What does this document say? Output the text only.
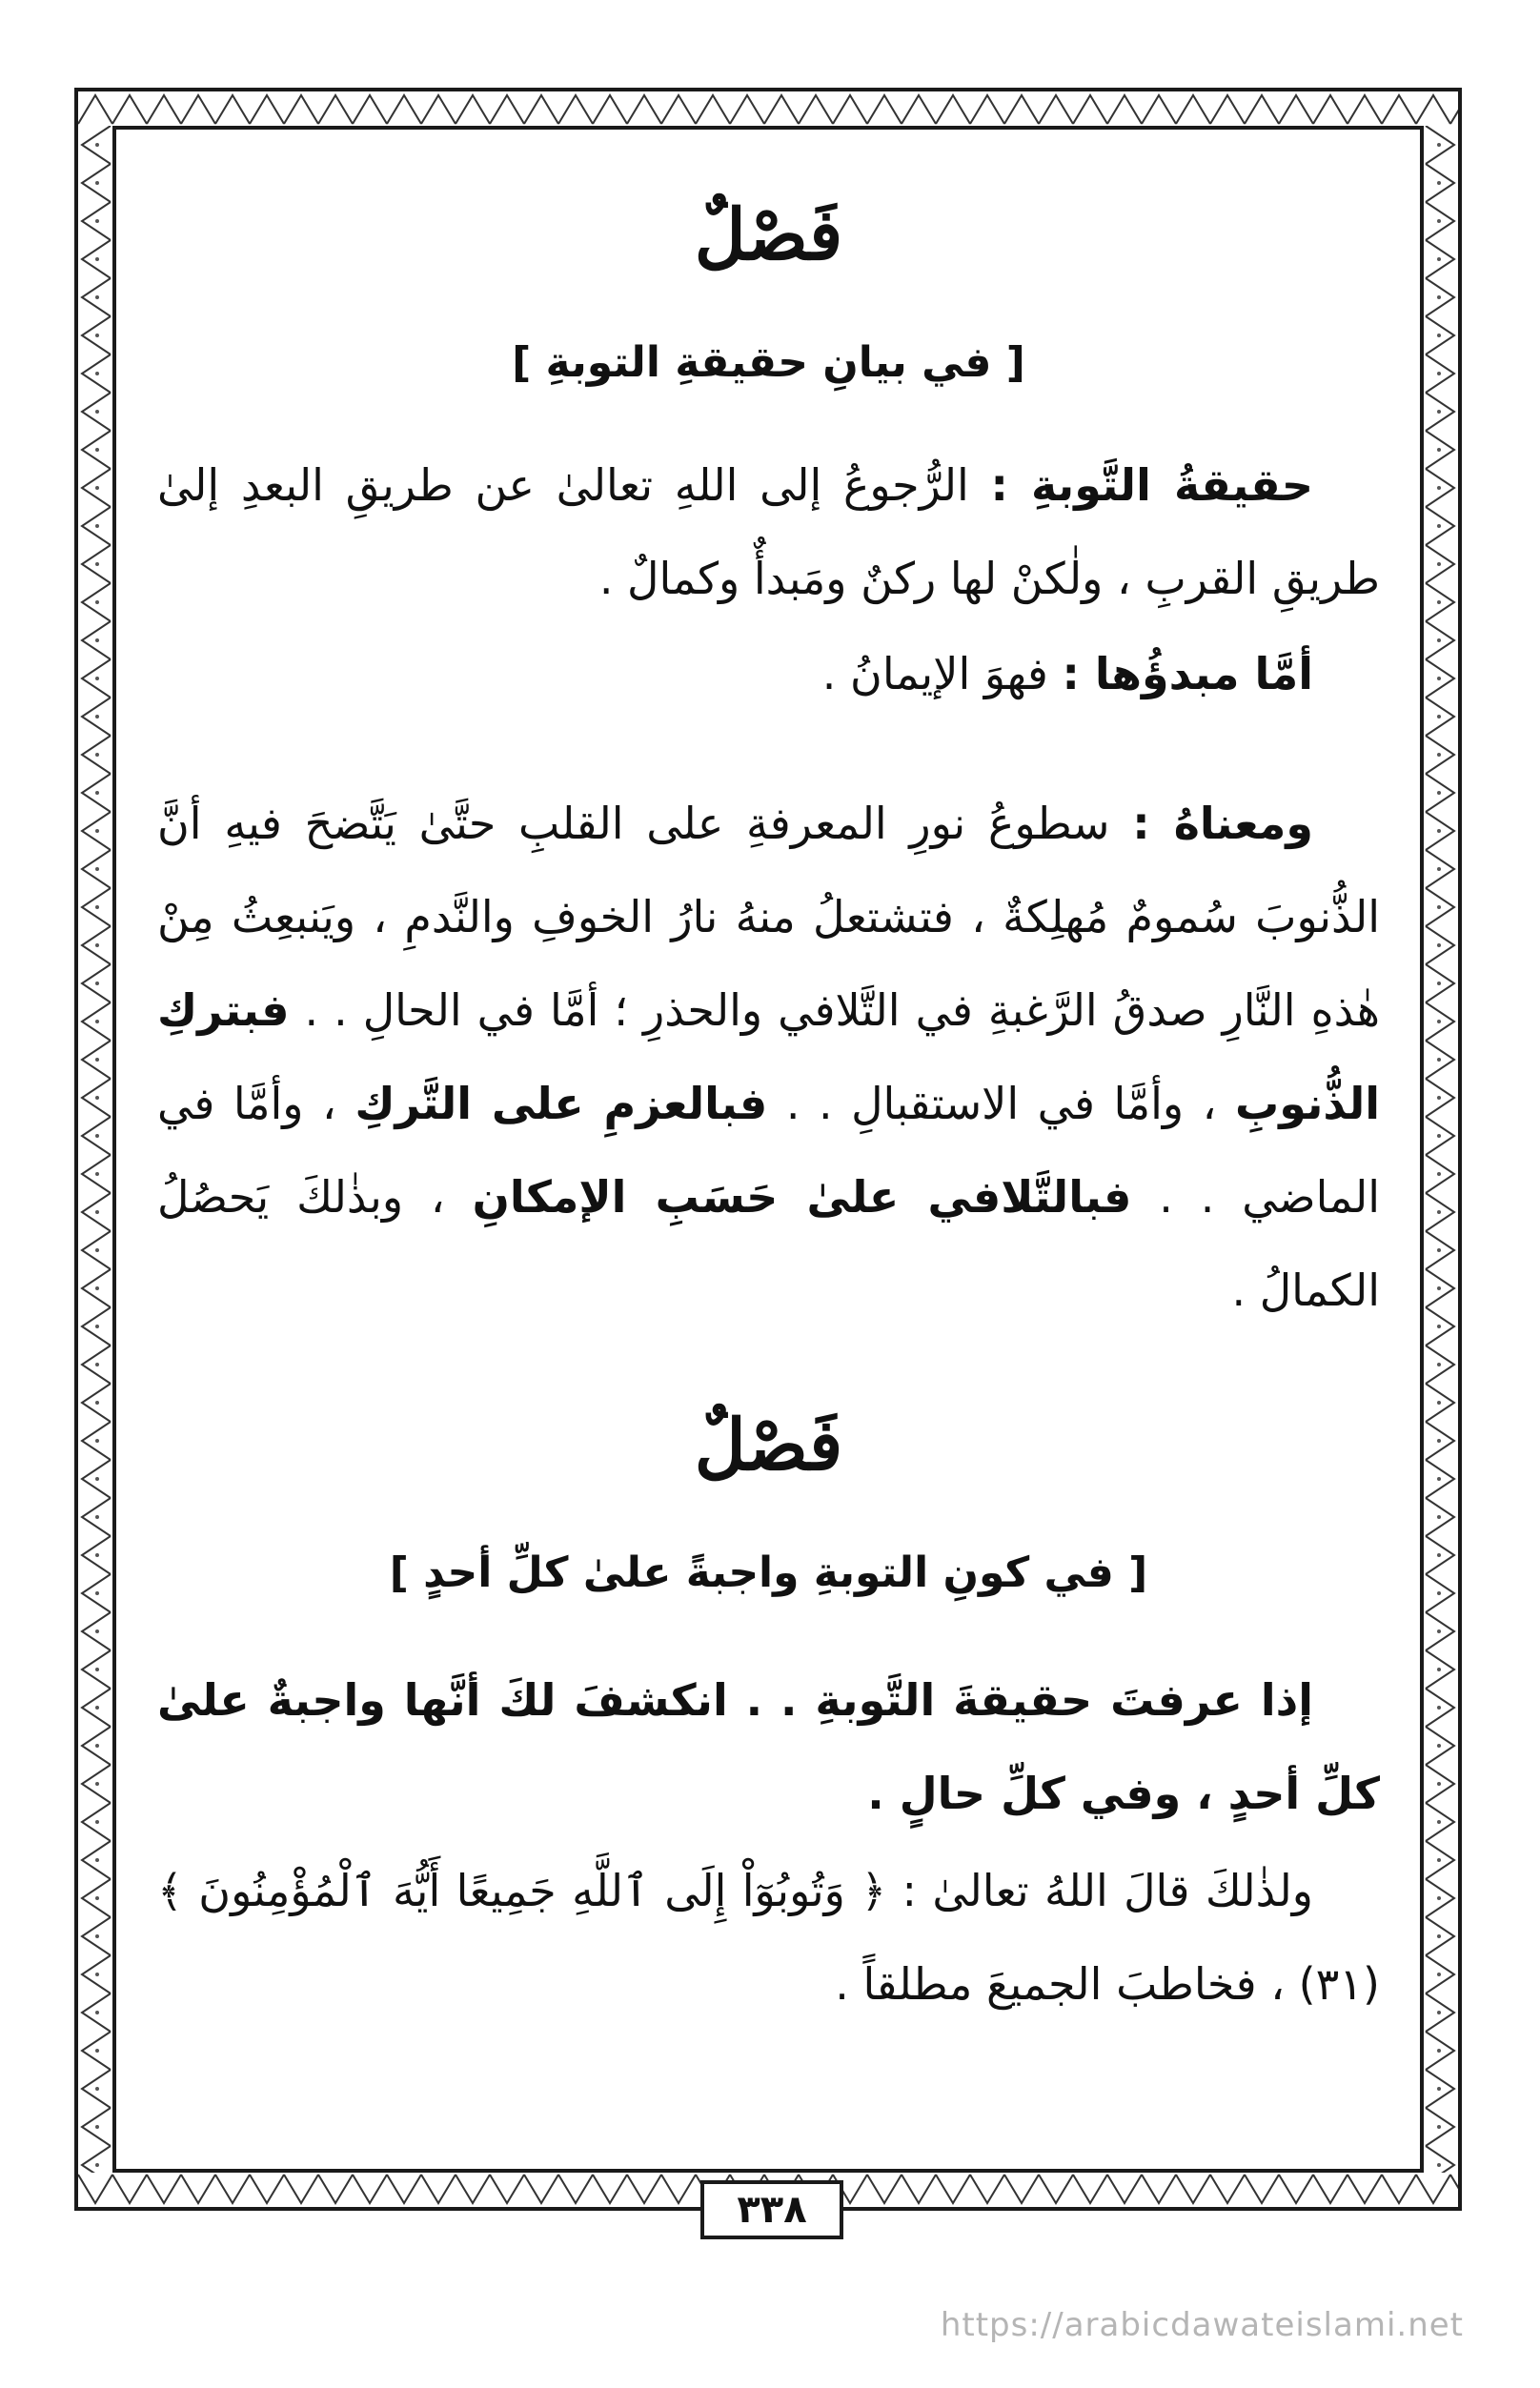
فَصْلٌ
[ في بيانِ حقيقةِ التوبةِ ]
حقيقةُ التَّوبةِ : الرُّجوعُ إلى اللهِ تعالىٰ عن طريقِ البعدِ إلىٰ طريقِ القربِ ، ولٰكنْ لها ركنٌ ومَبدأٌ وكمالٌ .
أمَّا مبدؤُها : فهوَ الإيمانُ .
ومعناهُ : سطوعُ نورِ المعرفةِ على القلبِ حتَّىٰ يَتَّضحَ فيهِ أنَّ الذُّنوبَ سُمومٌ مُهلِكةٌ ، فتشتعلُ منهُ نارُ الخوفِ والنَّدمِ ، ويَنبعِثُ مِنْ هٰذهِ النَّارِ صدقُ الرَّغبةِ في التَّلافي والحذرِ ؛ أمَّا في الحالِ . . فبتركِ الذُّنوبِ ، وأمَّا في الاستقبالِ . . فبالعزمِ على التَّركِ ، وأمَّا في الماضي . . فبالتَّلافي علىٰ حَسَبِ الإمكانِ ، وبذٰلكَ يَحصُلُ الكمالُ .
فَصْلٌ
[ في كونِ التوبةِ واجبةً علىٰ كلِّ أحدٍ ]
إذا عرفتَ حقيقةَ التَّوبةِ . . انكشفَ لكَ أنَّها واجبةٌ علىٰ كلِّ أحدٍ ، وفي كلِّ حالٍ .
ولذٰلكَ قالَ اللهُ تعالىٰ : ﴿ وَتُوبُوٓاْ إِلَى ٱللَّهِ جَمِيعًا أَيُّهَ ٱلْمُؤْمِنُونَ ﴾ (٣١) ، فخاطبَ الجميعَ مطلقاً .
٣٣٨
https://arabicdawateislami.net
